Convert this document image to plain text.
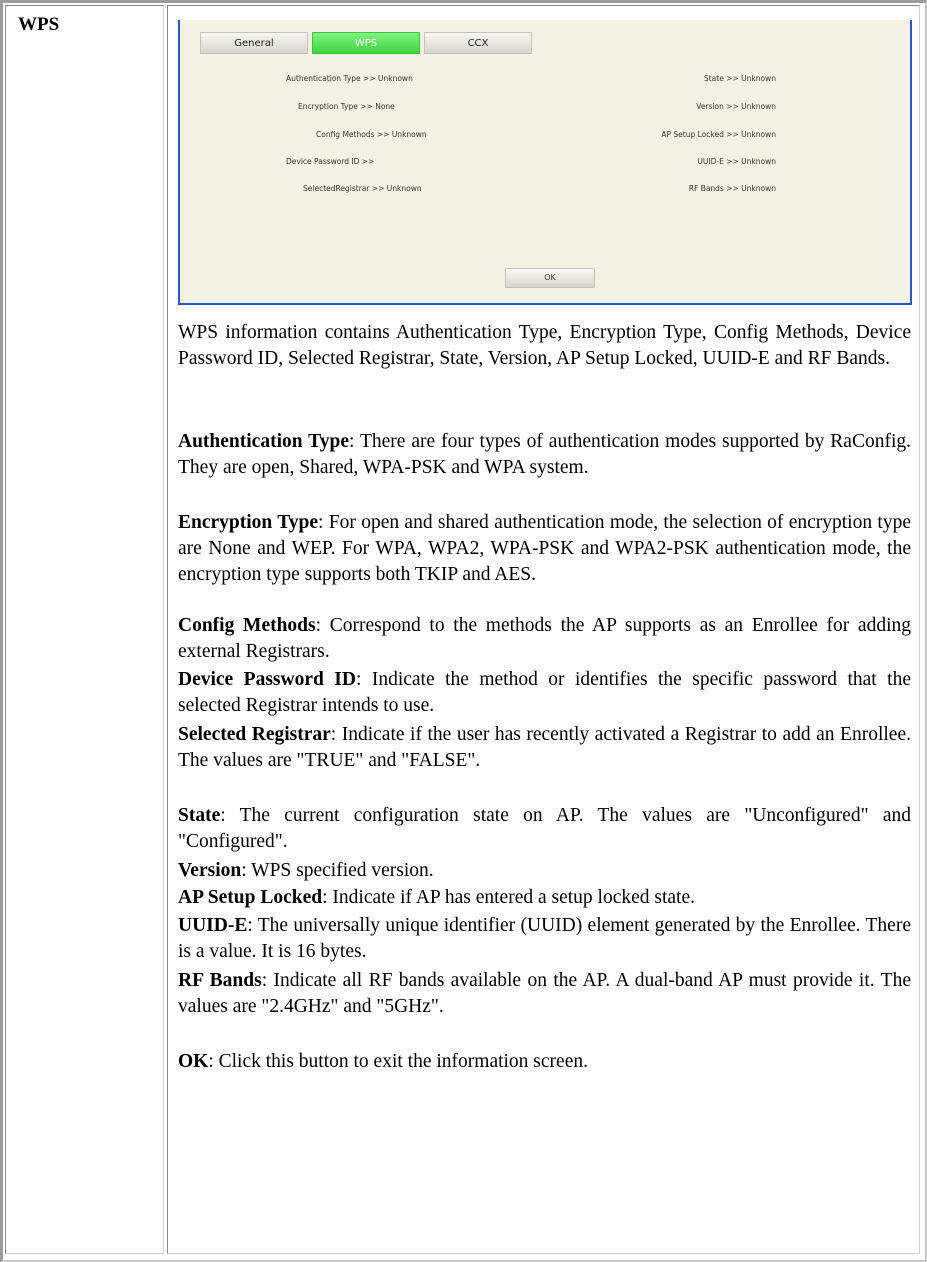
WPS
General	WPS	CCX
Authentication Type >> Unknown
Encryption Type >> None
Config Methods >> Unknown
Device Password ID >>
SelectedRegistrar >> Unknown
State >> Unknown
Version >> Unknown
AP Setup Locked >> Unknown
UUID-E >> Unknown
RF Bands >> Unknown
OK
WPS information contains Authentication Type, Encryption Type, Config Methods, Device Password ID, Selected Registrar, State, Version, AP Setup Locked, UUID-E and RF Bands.
Authentication Type: There are four types of authentication modes supported by RaConfig. They are open, Shared, WPA-PSK and WPA system.
Encryption Type: For open and shared authentication mode, the selection of encryption type are None and WEP. For WPA, WPA2, WPA-PSK and WPA2-PSK authentication mode, the encryption type supports both TKIP and AES.
Config Methods: Correspond to the methods the AP supports as an Enrollee for adding external Registrars.
Device Password ID: Indicate the method or identifies the specific password that the selected Registrar intends to use.
Selected Registrar: Indicate if the user has recently activated a Registrar to add an Enrollee. The values are "TRUE" and "FALSE".
State: The current configuration state on AP. The values are "Unconfigured" and "Configured".
Version: WPS specified version.
AP Setup Locked: Indicate if AP has entered a setup locked state.
UUID-E: The universally unique identifier (UUID) element generated by the Enrollee. There is a value. It is 16 bytes.
RF Bands: Indicate all RF bands available on the AP. A dual-band AP must provide it. The values are "2.4GHz" and "5GHz".
OK: Click this button to exit the information screen.
